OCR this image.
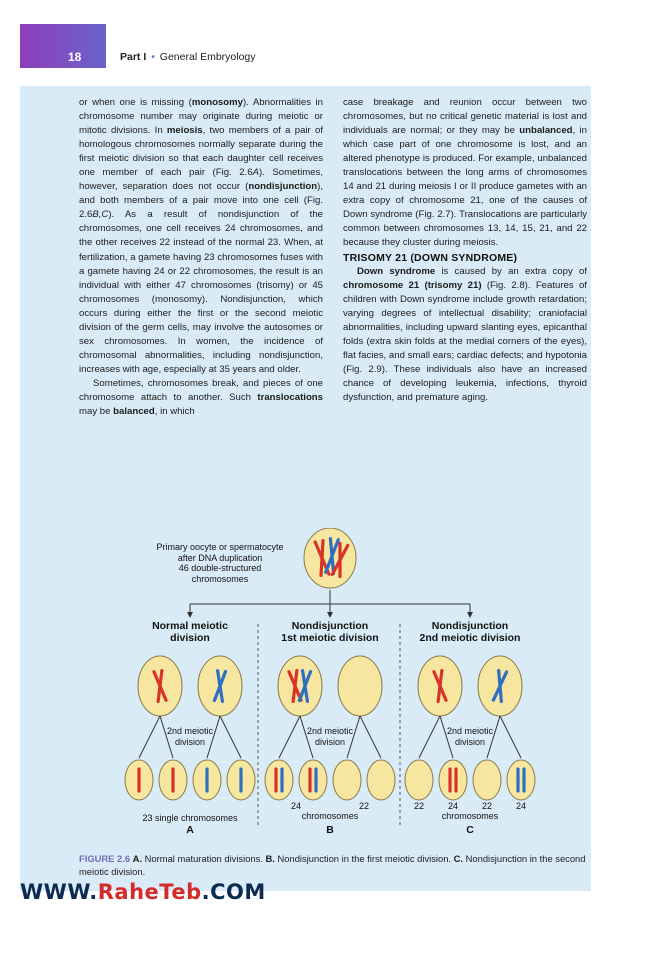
18	Part I • General Embryology

or when one is missing (monosomy). Abnormalities in chromosome number may originate during meiotic or mitotic divisions. In meiosis, two members of a pair of homologous chromosomes normally separate during the first meiotic division so that each daughter cell receives one member of each pair (Fig. 2.6A). Sometimes, however, separation does not occur (nondisjunction), and both members of a pair move into one cell (Fig. 2.6B,C). As a result of nondisjunction of the chromosomes, one cell receives 24 chromosomes, and the other receives 22 instead of the normal 23. When, at fertilization, a gamete having 23 chromosomes fuses with a gamete having 24 or 22 chromosomes, the result is an individual with either 47 chromosomes (trisomy) or 45 chromosomes (monosomy). Nondisjunction, which occurs during either the first or the second meiotic division of the germ cells, may involve the autosomes or sex chromosomes. In women, the incidence of chromosomal abnormalities, including nondisjunction, increases with age, especially at 35 years and older.

Sometimes, chromosomes break, and pieces of one chromosome attach to another. Such translocations may be balanced, in which

case breakage and reunion occur between two chromosomes, but no critical genetic material is lost and individuals are normal; or they may be unbalanced, in which case part of one chromosome is lost, and an altered phenotype is produced. For example, unbalanced translocations between the long arms of chromosomes 14 and 21 during meiosis I or II produce gametes with an extra copy of chromosome 21, one of the causes of Down syndrome (Fig. 2.7). Translocations are particularly common between chromosomes 13, 14, 15, 21, and 22 because they cluster during meiosis.

TRISOMY 21 (DOWN SYNDROME)

Down syndrome is caused by an extra copy of chromosome 21 (trisomy 21) (Fig. 2.8). Features of children with Down syndrome include growth retardation; varying degrees of intellectual disability; craniofacial abnormalities, including upward slanting eyes, epicanthal folds (extra skin folds at the medial corners of the eyes), flat facies, and small ears; cardiac defects; and hypotonia (Fig. 2.9). These individuals also have an increased chance of developing leukemia, infections, thyroid dysfunction, and premature aging.

Primary oocyte or spermatocyte
after DNA duplication
46 double-structured
chromosomes
Normal meiotic
division
2nd meiotic
division
23 single chromosomes
A
Nondisjunction
1st meiotic division
2nd meiotic
division
24	22
chromosomes
B
Nondisjunction
2nd meiotic division
2nd meiotic
division
22	24	22	24
chromosomes
C
FIGURE 2.6 A. Normal maturation divisions. B. Nondisjunction in the first meiotic division. C. Nondisjunction in the second meiotic division.
WWW.RaheTeb.COM
